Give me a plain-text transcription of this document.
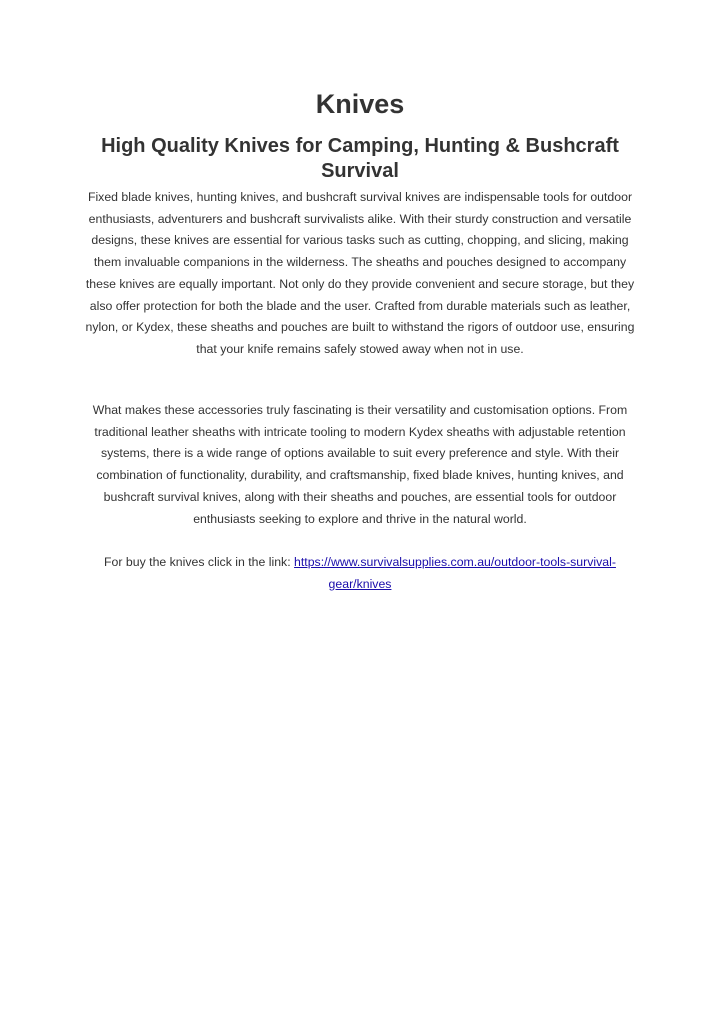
Knives
High Quality Knives for Camping, Hunting & Bushcraft Survival

Fixed blade knives, hunting knives, and bushcraft survival knives are indispensable tools for outdoor enthusiasts, adventurers and bushcraft survivalists alike. With their sturdy construction and versatile designs, these knives are essential for various tasks such as cutting, chopping, and slicing, making them invaluable companions in the wilderness. The sheaths and pouches designed to accompany these knives are equally important. Not only do they provide convenient and secure storage, but they also offer protection for both the blade and the user. Crafted from durable materials such as leather, nylon, or Kydex, these sheaths and pouches are built to withstand the rigors of outdoor use, ensuring that your knife remains safely stowed away when not in use.

What makes these accessories truly fascinating is their versatility and customisation options. From traditional leather sheaths with intricate tooling to modern Kydex sheaths with adjustable retention systems, there is a wide range of options available to suit every preference and style. With their combination of functionality, durability, and craftsmanship, fixed blade knives, hunting knives, and bushcraft survival knives, along with their sheaths and pouches, are essential tools for outdoor enthusiasts seeking to explore and thrive in the natural world.

For buy the knives click in the link: https://www.survivalsupplies.com.au/outdoor-tools-survival-gear/knives
